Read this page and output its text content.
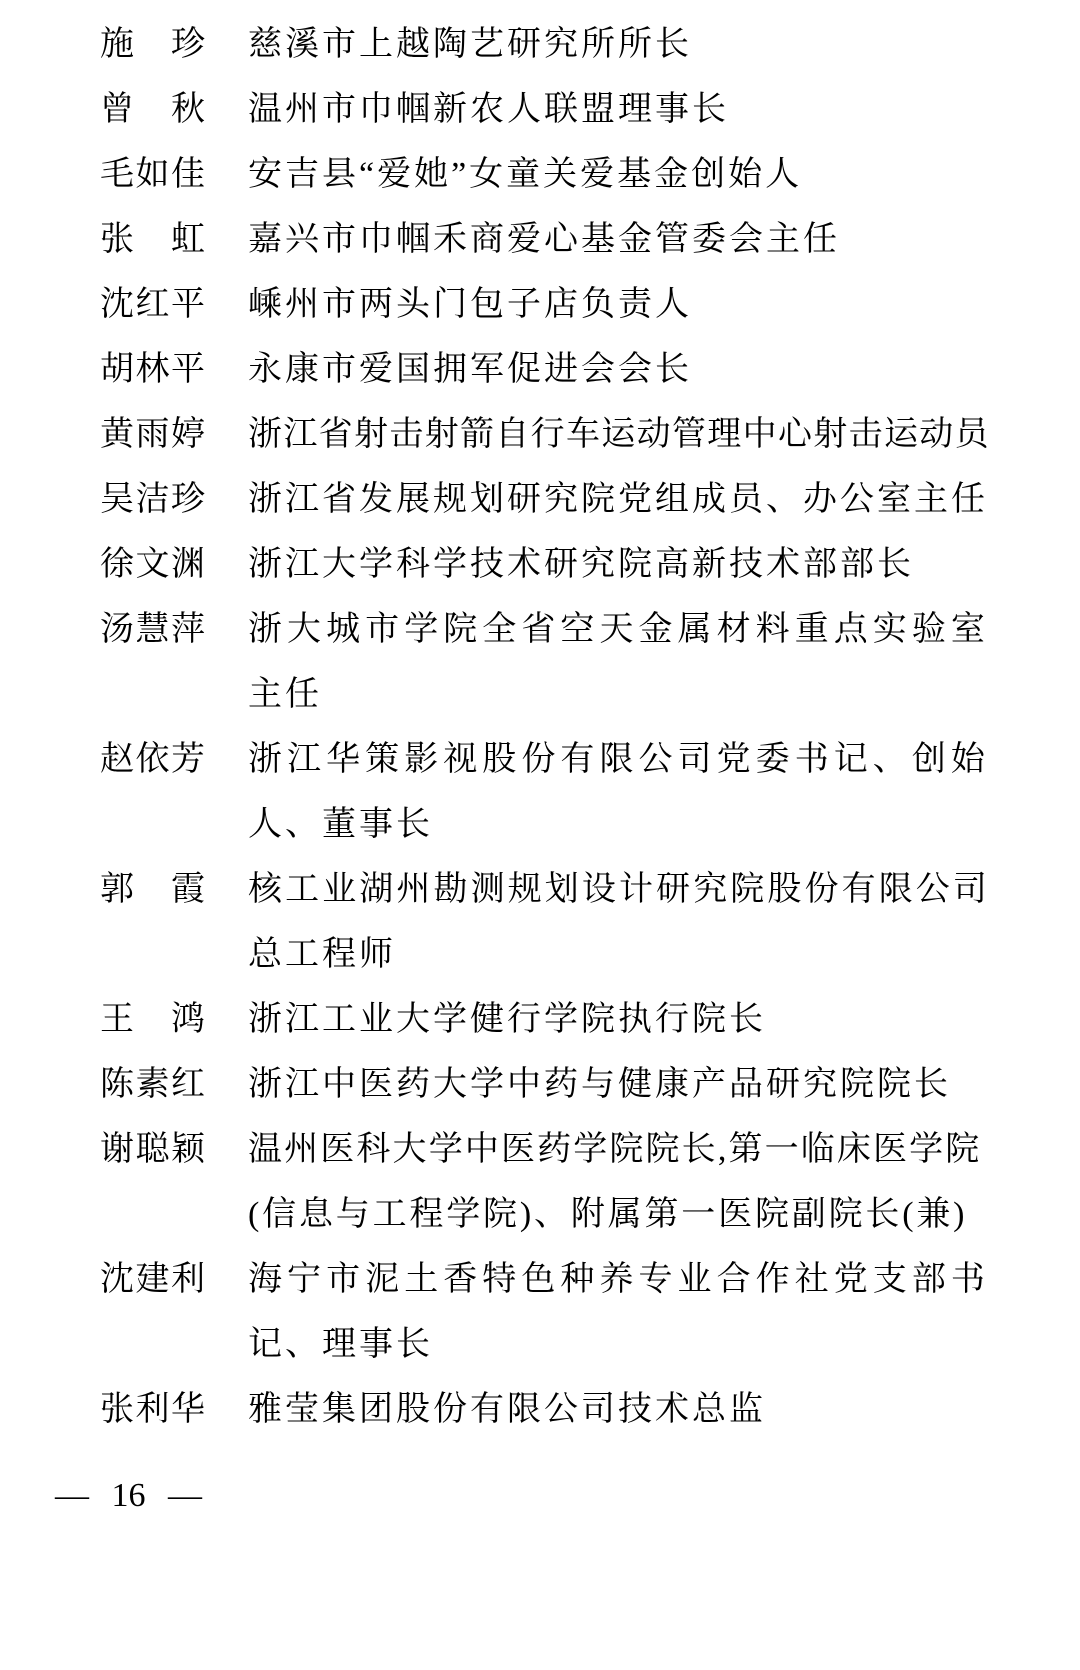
施　珍 慈溪市上越陶艺研究所所长
曾　秋 温州市巾帼新农人联盟理事长
毛如佳 安吉县“爱她”女童关爱基金创始人
张　虹 嘉兴市巾帼禾商爱心基金管委会主任
沈红平 嵊州市两头门包子店负责人
胡林平 永康市爱国拥军促进会会长
黄雨婷 浙江省射击射箭自行车运动管理中心射击运动员
吴洁珍 浙江省发展规划研究院党组成员、办公室主任
徐文渊 浙江大学科学技术研究院高新技术部部长
汤慧萍 浙大城市学院全省空天金属材料重点实验室
主任
赵依芳 浙江华策影视股份有限公司党委书记、创始
人、董事长
郭　霞 核工业湖州勘测规划设计研究院股份有限公司
总工程师
王　鸿 浙江工业大学健行学院执行院长
陈素红 浙江中医药大学中药与健康产品研究院院长
谢聪颖 温州医科大学中医药学院院长,第一临床医学院
(信息与工程学院)、附属第一医院副院长(兼)
沈建利 海宁市泥土香特色种养专业合作社党支部书
记、理事长
张利华 雅莹集团股份有限公司技术总监
— 16 —
